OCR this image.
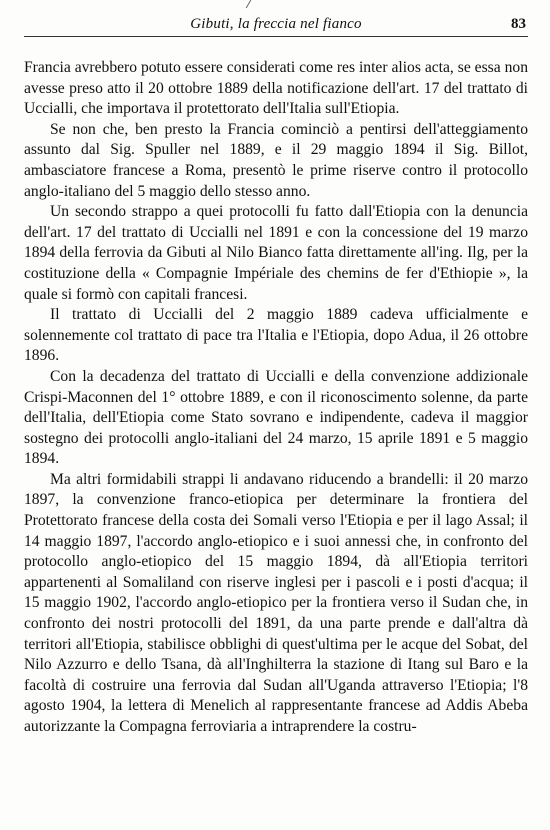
Gibuti, la freccia nel fianco	83

Francia avrebbero potuto essere considerati come res inter alios acta, se essa non avesse preso atto il 20 ottobre 1889 della notificazione dell'art. 17 del trattato di Uccialli, che importava il protettorato dell'Italia sull'Etiopia.

Se non che, ben presto la Francia cominciò a pentirsi dell'atteggiamento assunto dal Sig. Spuller nel 1889, e il 29 maggio 1894 il Sig. Billot, ambasciatore francese a Roma, presentò le prime riserve contro il protocollo anglo-italiano del 5 maggio dello stesso anno.

Un secondo strappo a quei protocolli fu fatto dall'Etiopia con la denuncia dell'art. 17 del trattato di Uccialli nel 1891 e con la concessione del 19 marzo 1894 della ferrovia da Gibuti al Nilo Bianco fatta direttamente all'ing. Ilg, per la costituzione della « Compagnie Impériale des chemins de fer d'Ethiopie », la quale si formò con capitali francesi.

Il trattato di Uccialli del 2 maggio 1889 cadeva ufficialmente e solennemente col trattato di pace tra l'Italia e l'Etiopia, dopo Adua, il 26 ottobre 1896.

Con la decadenza del trattato di Uccialli e della convenzione addizionale Crispi-Maconnen del 1° ottobre 1889, e con il riconoscimento solenne, da parte dell'Italia, dell'Etiopia come Stato sovrano e indipendente, cadeva il maggior sostegno dei protocolli anglo-italiani del 24 marzo, 15 aprile 1891 e 5 maggio 1894.

Ma altri formidabili strappi li andavano riducendo a brandelli: il 20 marzo 1897, la convenzione franco-etiopica per determinare la frontiera del Protettorato francese della costa dei Somali verso l'Etiopia e per il lago Assal; il 14 maggio 1897, l'accordo anglo-etiopico e i suoi annessi che, in confronto del protocollo anglo-etiopico del 15 maggio 1894, dà all'Etiopia territori appartenenti al Somaliland con riserve inglesi per i pascoli e i posti d'acqua; il 15 maggio 1902, l'accordo anglo-etiopico per la frontiera verso il Sudan che, in confronto dei nostri protocolli del 1891, da una parte prende e dall'altra dà territori all'Etiopia, stabilisce obblighi di quest'ultima per le acque del Sobat, del Nilo Azzurro e dello Tsana, dà all'Inghilterra la stazione di Itang sul Baro e la facoltà di costruire una ferrovia dal Sudan all'Uganda attraverso l'Etiopia; l'8 agosto 1904, la lettera di Menelich al rappresentante francese ad Addis Abeba autorizzante la Compagna ferroviaria a intraprendere la costru-
